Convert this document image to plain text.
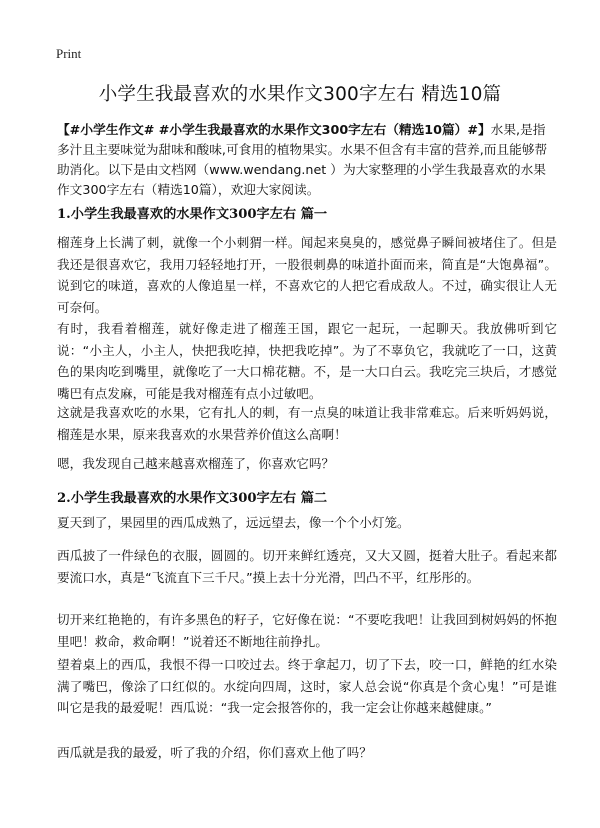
Print
小学生我最喜欢的水果作文300字左右 精选10篇
【#小学生作文# #小学生我最喜欢的水果作文300字左右（精选10篇）#】水果,是指多汁且主要味觉为甜味和酸味,可食用的植物果实。水果不但含有丰富的营养,而且能够帮助消化。以下是由文档网（www.wendang.net ）为大家整理的小学生我最喜欢的水果作文300字左右（精选10篇），欢迎大家阅读。
1.小学生我最喜欢的水果作文300字左右 篇一
榴莲身上长满了刺，就像一个小刺猬一样。闻起来臭臭的，感觉鼻子瞬间被堵住了。但是我还是很喜欢它，我用刀轻轻地打开，一股很刺鼻的味道扑面而来，简直是“大饱鼻福”。说到它的味道，喜欢的人像追星一样，不喜欢它的人把它看成敌人。不过，确实很让人无可奈何。
有时，我看着榴莲，就好像走进了榴莲王国，跟它一起玩，一起聊天。我放佛听到它说：“小主人，小主人，快把我吃掉，快把我吃掉”。为了不辜负它，我就吃了一口，这黄色的果肉吃到嘴里，就像吃了一大口棉花糖。不，是一大口白云。我吃完三块后，才感觉嘴巴有点发麻，可能是我对榴莲有点小过敏吧。
这就是我喜欢吃的水果，它有扎人的刺，有一点臭的味道让我非常难忘。后来听妈妈说，榴莲是水果，原来我喜欢的水果营养价值这么高啊！
嗯，我发现自己越来越喜欢榴莲了，你喜欢它吗？
2.小学生我最喜欢的水果作文300字左右 篇二
夏天到了，果园里的西瓜成熟了，远远望去，像一个个小灯笼。
西瓜披了一件绿色的衣服，圆圆的。切开来鲜红透亮，又大又圆，挺着大肚子。看起来都要流口水，真是“飞流直下三千尺。”摸上去十分光滑，凹凸不平，红彤彤的。
切开来红艳艳的，有许多黑色的籽子，它好像在说：“不要吃我吧！让我回到树妈妈的怀抱里吧！救命，救命啊！”说着还不断地往前挣扎。
望着桌上的西瓜，我恨不得一口咬过去。终于拿起刀，切了下去，咬一口，鲜艳的红水染满了嘴巴，像涂了口红似的。水绽向四周，这时，家人总会说“你真是个贪心鬼！”可是谁叫它是我的最爱呢！西瓜说：“我一定会报答你的，我一定会让你越来越健康。”
西瓜就是我的最爱，听了我的介绍，你们喜欢上他了吗？
